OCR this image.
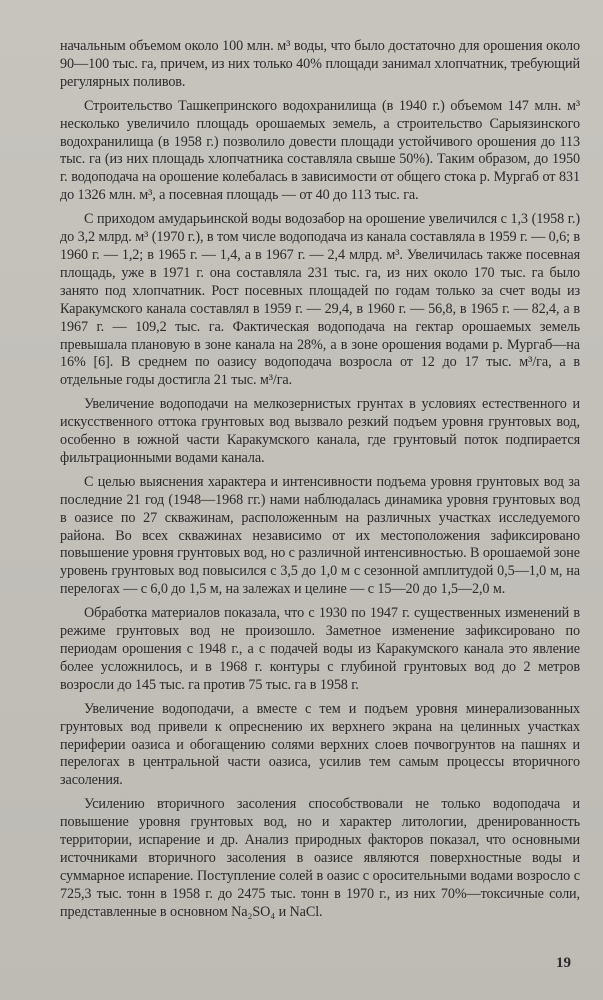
начальным объемом около 100 млн. м³ воды, что было достаточно для орошения около 90—100 тыс. га, причем, из них только 40% площади занимал хлопчатник, требующий регулярных поливов.

Строительство Ташкепринского водохранилища (в 1940 г.) объемом 147 млн. м³ несколько увеличило площадь орошаемых земель, а строительство Сарыязинского водохранилища (в 1958 г.) позволило довести площади устойчивого орошения до 113 тыс. га (из них площадь хлопчатника составляла свыше 50%). Таким образом, до 1950 г. водоподача на орошение колебалась в зависимости от общего стока р. Мургаб от 831 до 1326 млн. м³, а посевная площадь — от 40 до 113 тыс. га.

С приходом амударьинской воды водозабор на орошение увеличился с 1,3 (1958 г.) до 3,2 млрд. м³ (1970 г.), в том числе водоподача из канала составляла в 1959 г. — 0,6; в 1960 г. — 1,2; в 1965 г. — 1,4, а в 1967 г. — 2,4 млрд. м³. Увеличилась также посевная площадь, уже в 1971 г. она составляла 231 тыс. га, из них около 170 тыс. га было занято под хлопчатник. Рост посевных площадей по годам только за счет воды из Каракумского канала составлял в 1959 г. — 29,4, в 1960 г. — 56,8, в 1965 г. — 82,4, а в 1967 г. — 109,2 тыс. га. Фактическая водоподача на гектар орошаемых земель превышала плановую в зоне канала на 28%, а в зоне орошения водами р. Мургаб—на 16% [6]. В среднем по оазису водоподача возросла от 12 до 17 тыс. м³/га, а в отдельные годы достигла 21 тыс. м³/га.

Увеличение водоподачи на мелкозернистых грунтах в условиях естественного и искусственного оттока грунтовых вод вызвало резкий подъем уровня грунтовых вод, особенно в южной части Каракумского канала, где грунтовый поток подпирается фильтрационными водами канала.

С целью выяснения характера и интенсивности подъема уровня грунтовых вод за последние 21 год (1948—1968 гг.) нами наблюдалась динамика уровня грунтовых вод в оазисе по 27 скважинам, расположенным на различных участках исследуемого района. Во всех скважинах независимо от их местоположения зафиксировано повышение уровня грунтовых вод, но с различной интенсивностью. В орошаемой зоне уровень грунтовых вод повысился с 3,5 до 1,0 м с сезонной амплитудой 0,5—1,0 м, на перелогах — с 6,0 до 1,5 м, на залежах и целине — с 15—20 до 1,5—2,0 м.

Обработка материалов показала, что с 1930 по 1947 г. существенных изменений в режиме грунтовых вод не произошло. Заметное изменение зафиксировано по периодам орошения с 1948 г., а с подачей воды из Каракумского канала это явление более усложнилось, и в 1968 г. контуры с глубиной грунтовых вод до 2 метров возросли до 145 тыс. га против 75 тыс. га в 1958 г.

Увеличение водоподачи, а вместе с тем и подъем уровня минерализованных грунтовых вод привели к опреснению их верхнего экрана на целинных участках периферии оазиса и обогащению солями верхних слоев почвогрунтов на пашнях и перелогах в центральной части оазиса, усилив тем самым процессы вторичного засоления.

Усилению вторичного засоления способствовали не только водоподача и повышение уровня грунтовых вод, но и характер литологии, дренированность территории, испарение и др. Анализ природных факторов показал, что основными источниками вторичного засоления в оазисе являются поверхностные воды и суммарное испарение. Поступление солей в оазис с оросительными водами возросло с 725,3 тыс. тонн в 1958 г. до 2475 тыс. тонн в 1970 г., из них 70%—токсичные соли, представленные в основном Na₂SO₄ и NaCl.

19
